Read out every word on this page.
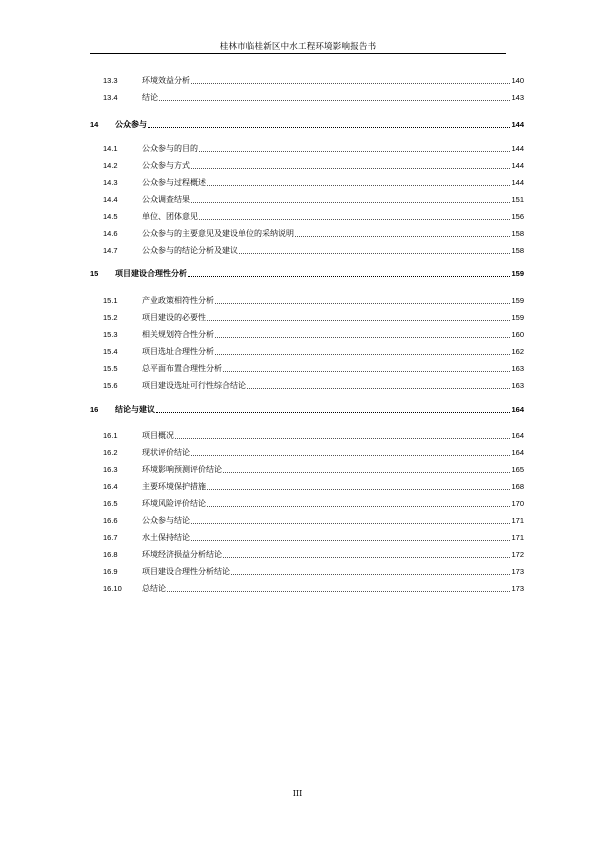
桂林市临桂新区中水工程环境影响报告书
13.3	环境效益分析	140
13.4	结论	143
14	公众参与	144
14.1	公众参与的目的	144
14.2	公众参与方式	144
14.3	公众参与过程概述	144
14.4	公众调查结果	151
14.5	单位、团体意见	156
14.6	公众参与的主要意见及建设单位的采纳说明	158
14.7	公众参与的结论分析及建议	158
15	项目建设合理性分析	159
15.1	产业政策相符性分析	159
15.2	项目建设的必要性	159
15.3	相关规划符合性分析	160
15.4	项目选址合理性分析	162
15.5	总平面布置合理性分析	163
15.6	项目建设选址可行性综合结论	163
16	结论与建议	164
16.1	项目概况	164
16.2	现状评价结论	164
16.3	环境影响预测评价结论	165
16.4	主要环境保护措施	168
16.5	环境风险评价结论	170
16.6	公众参与结论	171
16.7	水土保持结论	171
16.8	环境经济损益分析结论	172
16.9	项目建设合理性分析结论	173
16.10	总结论	173
III
